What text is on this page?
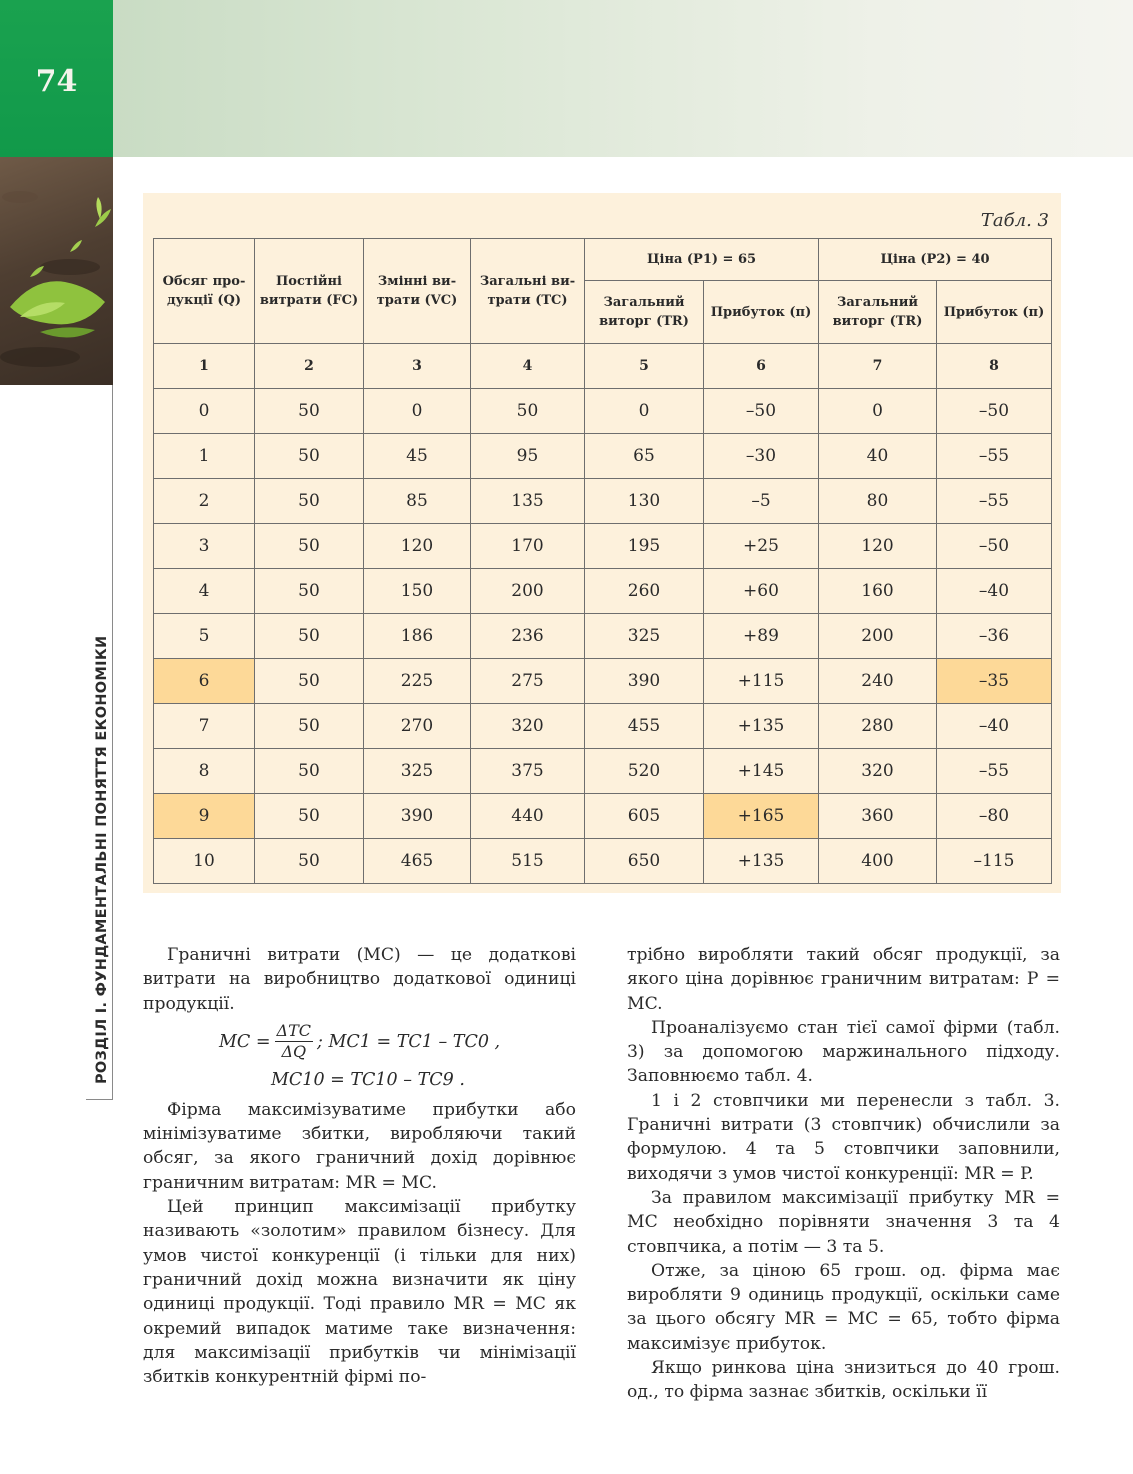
74
РОЗДІЛ I. ФУНДАМЕНТАЛЬНІ ПОНЯТТЯ ЕКОНОМІКИ
Табл. 3
Обсяг продукції (Q)	Постійні витрати (FC)	Змінні витрати (VC)	Загальні витрати (TC)	Ціна (P1) = 65		Ціна (P2) = 40	
				Загальний виторг (TR)	Прибуток (π)	Загальний виторг (TR)	Прибуток (π)
1	2	3	4	5	6	7	8
0	50	0	50	0	–50	0	–50
1	50	45	95	65	–30	40	–55
2	50	85	135	130	–5	80	–55
3	50	120	170	195	+25	120	–50
4	50	150	200	260	+60	160	–40
5	50	186	236	325	+89	200	–36
6	50	225	275	390	+115	240	–35
7	50	270	320	455	+135	280	–40
8	50	325	375	520	+145	320	–55
9	50	390	440	605	+165	360	–80
10	50	465	515	650	+135	400	–115

Граничні витрати (MC) — це додаткові витрати на виробництво додаткової одиниці продукції.

MC = $\frac{\text{ΔTC}}{\Delta Q}$ ; MC1 = TC1 – TC0 ,
MC10 = TC10 – TC9 .

Фірма максимізуватиме прибутки або мінімізуватиме збитки, виробляючи такий обсяг, за якого граничний дохід дорівнює граничним витратам: MR = MC.

Цей принцип максимізації прибутку називають «золотим» правилом бізнесу. Для умов чистої конкуренції (і тільки для них) граничний дохід можна визначити як ціну одиниці продукції. Тоді правило MR = MC як окремий випадок матиме таке визначення: для максимізації прибутків чи мінімізації збитків конкурентній фірмі по-

трібно виробляти такий обсяг продукції, за якого ціна дорівнює граничним витратам: P = MC.

Проаналізуємо стан тієї самої фірми (табл. 3) за допомогою маржинального підходу. Заповнюємо табл. 4.

1 і 2 стовпчики ми перенесли з табл. 3. Граничні витрати (3 стовпчик) обчислили за формулою. 4 та 5 стовпчики заповнили, виходячи з умов чистої конкуренції: MR = P.

За правилом максимізації прибутку MR = MC необхідно порівняти значення 3 та 4 стовпчика, а потім — 3 та 5.

Отже, за ціною 65 грош. од. фірма має виробляти 9 одиниць продукції, оскільки саме за цього обсягу MR = MC = 65, тобто фірма максимізує прибуток.

Якщо ринкова ціна знизиться до 40 грош. од., то фірма зазнає збитків, оскільки її
